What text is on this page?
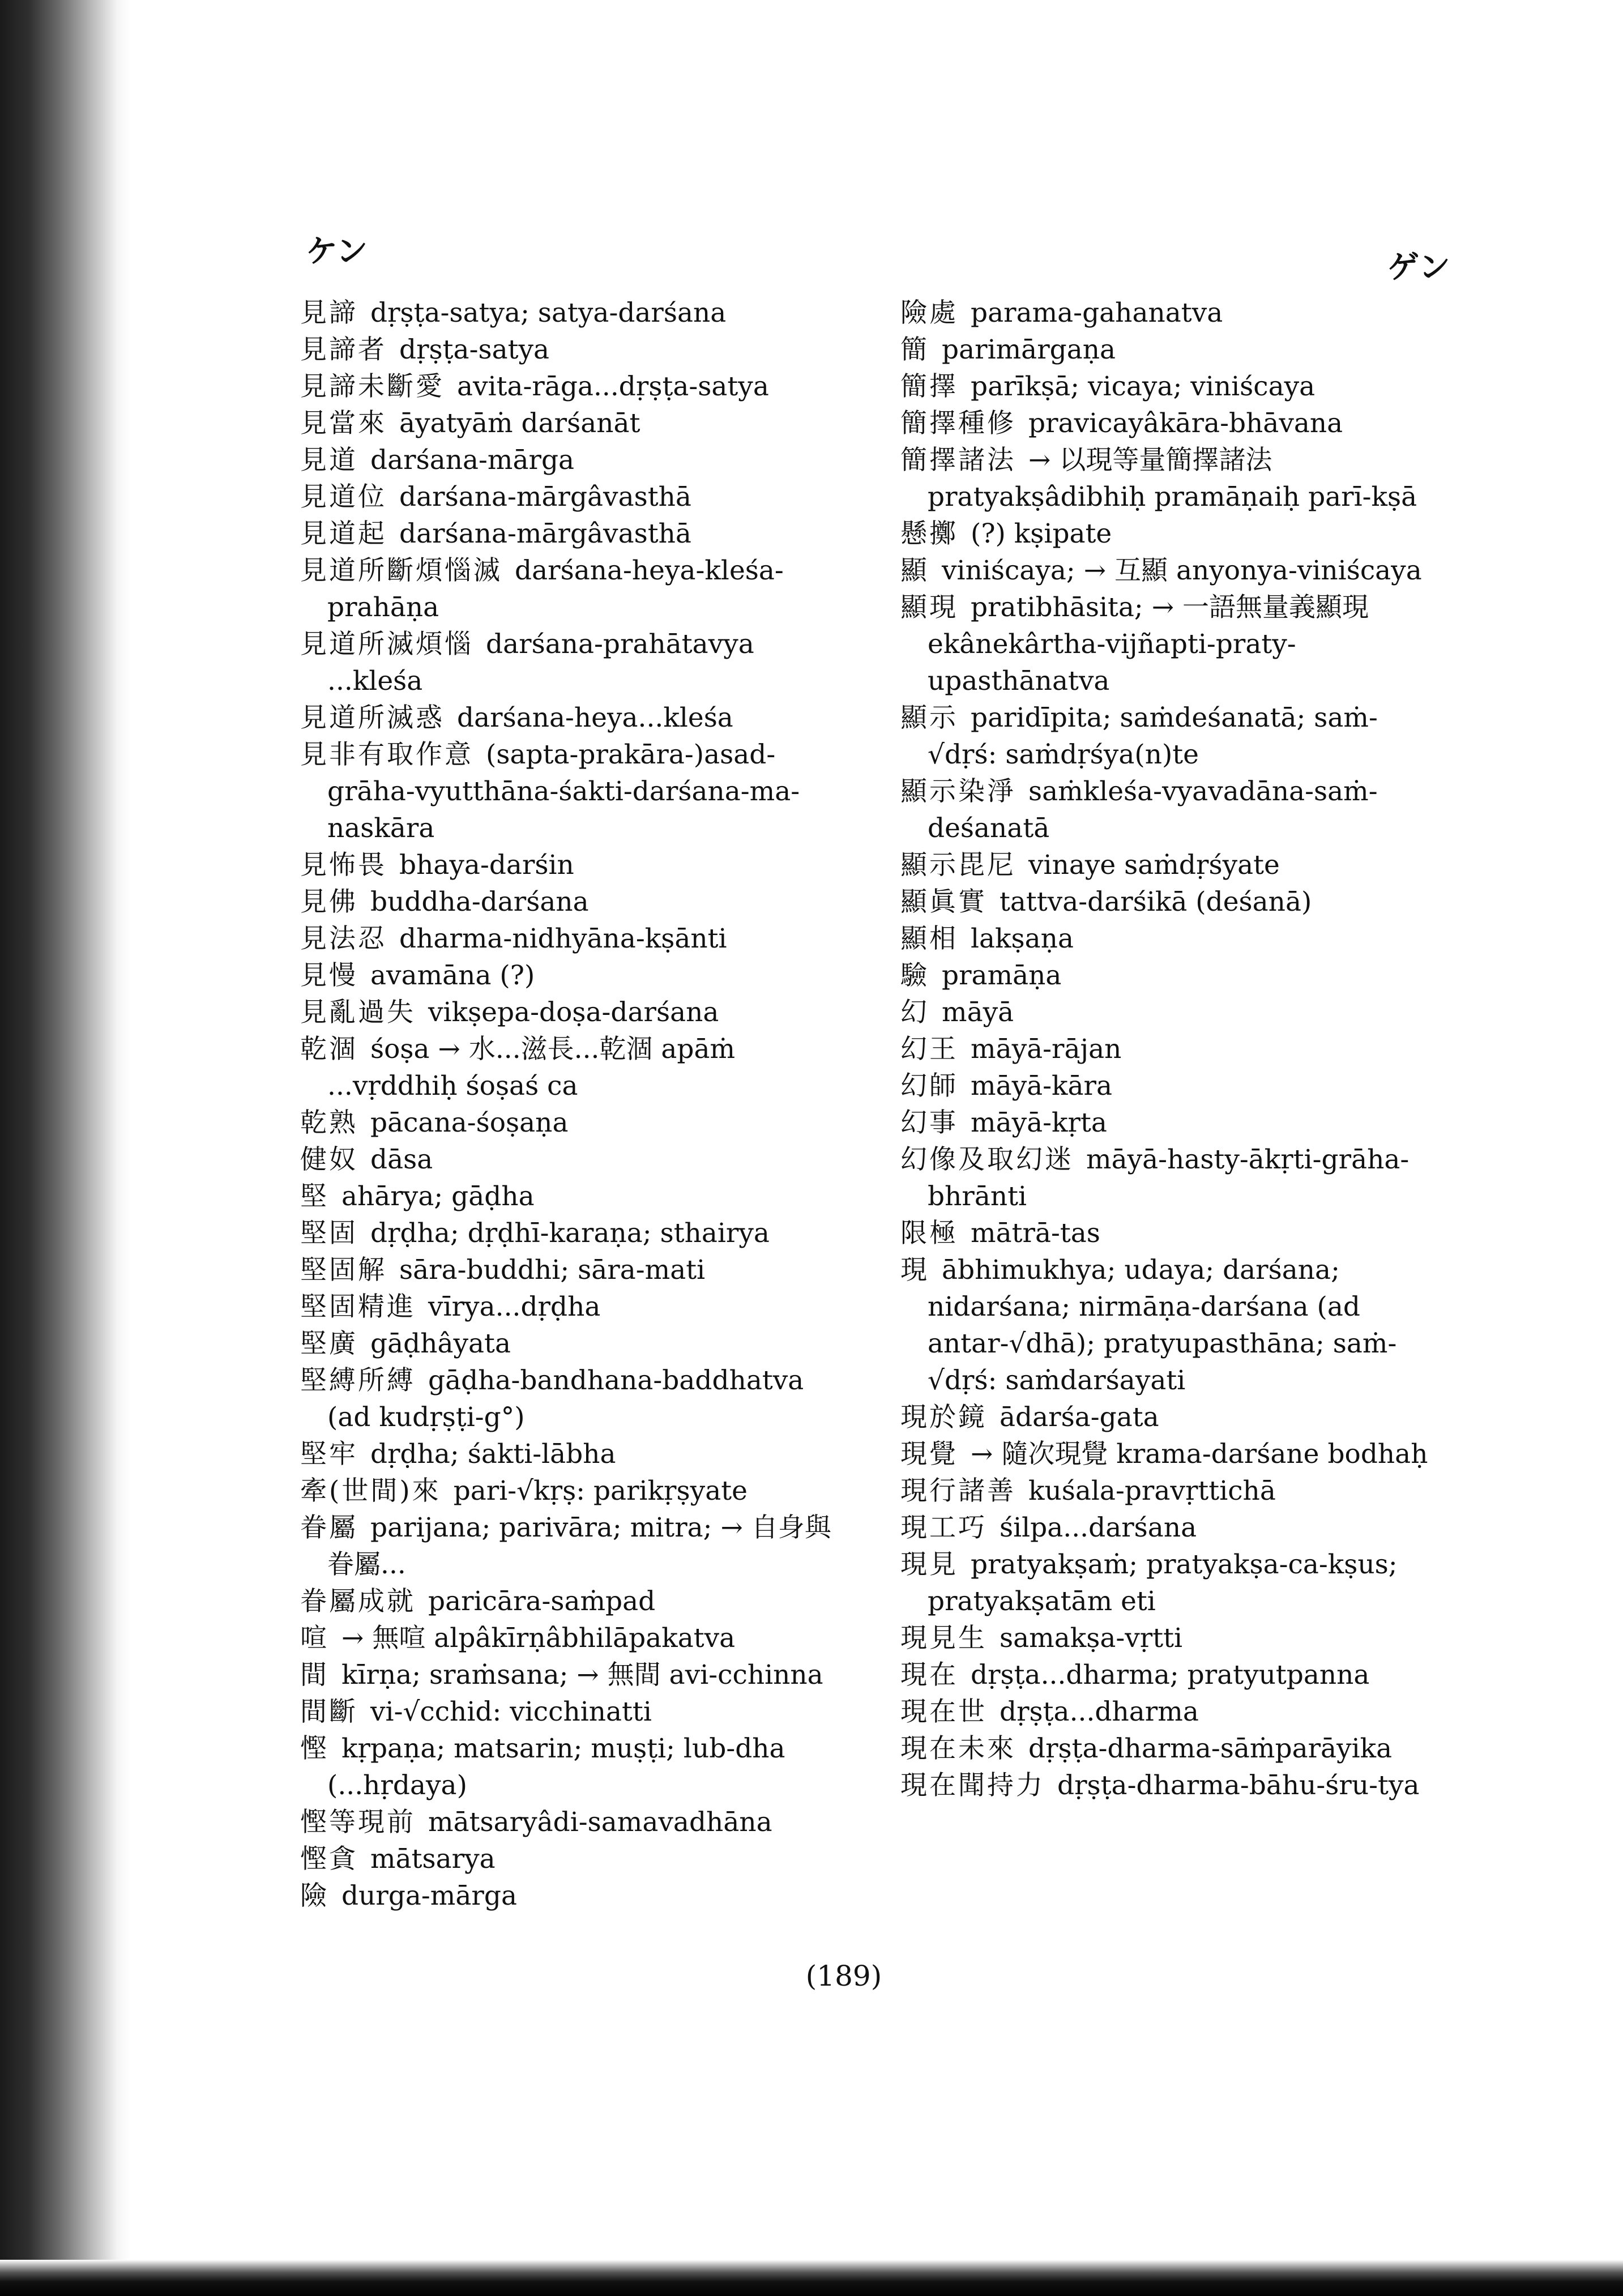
ケン	ゲン

見諦 dṛṣṭa-satya; satya-darśana

見諦者 dṛṣṭa-satya

見諦未斷愛 avita-rāga...dṛṣṭa-satya

見當來 āyatyāṁ darśanāt

見道 darśana-mārga

見道位 darśana-mārgâvasthā

見道起 darśana-mārgâvasthā

見道所斷煩惱滅 darśana-heya-kleśa-prahāṇa

見道所滅煩惱 darśana-prahātavya ...kleśa

見道所滅惑 darśana-heya...kleśa

見非有取作意 (sapta-prakāra-)asad-grāha-vyutthāna-śakti-darśana-ma-naskāra

見怖畏 bhaya-darśin

見佛 buddha-darśana

見法忍 dharma-nidhyāna-kṣānti

見慢 avamāna (?)

見亂過失 vikṣepa-doṣa-darśana

乾涸 śoṣa → 水...滋長...乾涸 apāṁ ...vṛddhiḥ śoṣaś ca

乾熟 pācana-śoṣaṇa

健奴 dāsa

堅 ahārya; gāḍha

堅固 dṛḍha; dṛḍhī-karaṇa; sthairya

堅固解 sāra-buddhi; sāra-mati

堅固精進 vīrya...dṛḍha

堅廣 gāḍhâyata

堅縛所縛 gāḍha-bandhana-baddhatva (ad kudṛṣṭi-g°)

堅牢 dṛḍha; śakti-lābha

牽(世間)來 pari-√kṛṣ: parikṛṣyate

眷屬 parijana; parivāra; mitra; → 自身與眷屬...

眷屬成就 paricāra-saṁpad

喧 → 無喧 alpâkīrṇâbhilāpakatva

間 kīrṇa; sraṁsana; → 無間 avi-cchinna

間斷 vi-√cchid: vicchinatti

慳 kṛpaṇa; matsarin; muṣṭi; lub-dha (...hṛdaya)

慳等現前 mātsaryâdi-samavadhāna

慳貪 mātsarya

險 durga-mārga

險處 parama-gahanatva

簡 parimārgaṇa

簡擇 parīkṣā; vicaya; viniścaya

簡擇種修 pravicayâkāra-bhāvana

簡擇諸法 → 以現等量簡擇諸法 pratyakṣâdibhiḥ pramāṇaiḥ parī-kṣā

懸擲 (?) kṣipate

顯 viniścaya; → 互顯 anyonya-viniścaya

顯現 pratibhāsita; → 一語無量義顯現 ekânekârtha-vijñapti-praty-upasthānatva

顯示 paridīpita; saṁdeśanatā; saṁ-√dṛś: saṁdṛśya(n)te

顯示染淨 saṁkleśa-vyavadāna-saṁ-deśanatā

顯示毘尼 vinaye saṁdṛśyate

顯眞實 tattva-darśikā (deśanā)

顯相 lakṣaṇa

驗 pramāṇa

幻 māyā

幻王 māyā-rājan

幻師 māyā-kāra

幻事 māyā-kṛta

幻像及取幻迷 māyā-hasty-ākṛti-grāha-bhrānti

限極 mātrā-tas

現 ābhimukhya; udaya; darśana; nidarśana; nirmāṇa-darśana (ad antar-√dhā); pratyupasthāna; saṁ-√dṛś: saṁdarśayati

現於鏡 ādarśa-gata

現覺 → 隨次現覺 krama-darśane bodhaḥ

現行諸善 kuśala-pravṛttichā

現工巧 śilpa...darśana

現見 pratyakṣaṁ; pratyakṣa-ca-kṣus; pratyakṣatām eti

現見生 samakṣa-vṛtti

現在 dṛṣṭa...dharma; pratyutpanna

現在世 dṛṣṭa...dharma

現在未來 dṛṣṭa-dharma-sāṁparāyika

現在聞持力 dṛṣṭa-dharma-bāhu-śru-tya

(189)
